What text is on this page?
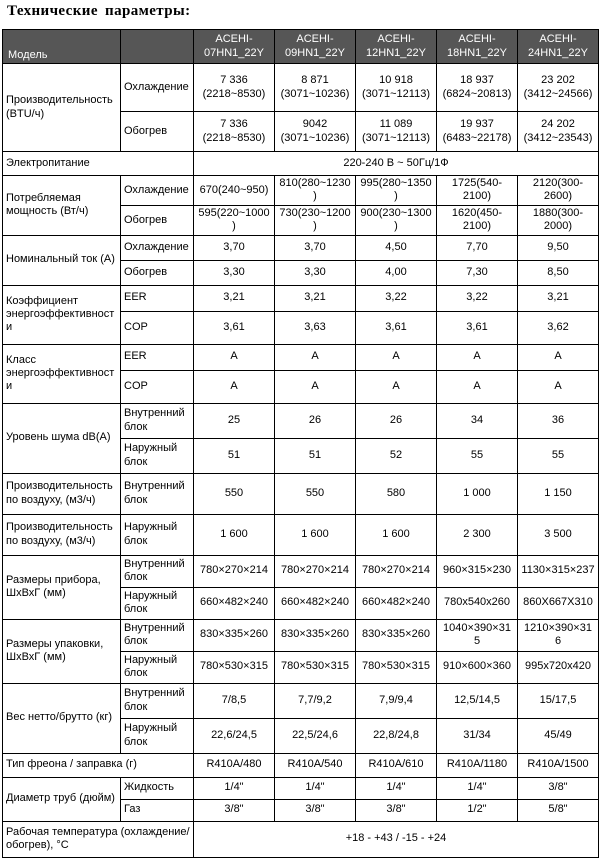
Технические параметры:
Модель		ACEHI-07HN1_22Y	ACEHI-09HN1_22Y	ACEHI-12HN1_22Y	ACEHI-18HN1_22Y	ACEHI-24HN1_22Y
Производительность (BTU/ч)	Охлаждение	7 336 (2218~8530)	8 871 (3071~10236)	10 918 (3071~12113)	18 937 (6824~20813)	23 202 (3412~24566)
	Обогрев	7 336 (2218~8530)	9042 (3071~10236)	11 089 (3071~12113)	19 937 (6483~22178)	24 202 (3412~23543)
Электропитание		220-240 В ~ 50Гц/1Ф				
Потребляемая мощность (Вт/ч)	Охлаждение	670(240~950)	810(280~1230)	995(280~1350)	1725(540-2100)	2120(300-2600)
	Обогрев	595(220~1000)	730(230~1200)	900(230~1300)	1620(450-2100)	1880(300-2000)
Номинальный ток (А)	Охлаждение	3,70	3,70	4,50	7,70	9,50
	Обогрев	3,30	3,30	4,00	7,30	8,50
Коэффициент энергоэффективности	EER	3,21	3,21	3,22	3,22	3,21
	COP	3,61	3,63	3,61	3,61	3,62
Класс энергоэффективности	EER	A	A	A	A	A
	COP	A	A	A	A	A
Уровень шума dB(A)	Внутренний блок	25	26	26	34	36
	Наружный блок	51	51	52	55	55
Производительность по воздуху, (м3/ч)	Внутренний блок	550	550	580	1 000	1 150
Производительность по воздуху, (м3/ч)	Наружный блок	1 600	1 600	1 600	2 300	3 500
Размеры прибора, ШхВхГ (мм)	Внутренний блок	780×270×214	780×270×214	780×270×214	960×315×230	1130×315×237
	Наружный блок	660×482×240	660×482×240	660×482×240	780x540x260	860X667X310
Размеры упаковки, ШхВхГ (мм)	Внутренний блок	830×335×260	830×335×260	830×335×260	1040×390×315	1210×390×316
	Наружный блок	780×530×315	780×530×315	780×530×315	910×600×360	995x720x420
Вес нетто/брутто (кг)	Внутренний блок	7/8,5	7,7/9,2	7,9/9,4	12,5/14,5	15/17,5
	Наружный блок	22,6/24,5	22,5/24,6	22,8/24,8	31/34	45/49
Тип фреона / заправка (г)		R410A/480	R410A/540	R410A/610	R410A/1180	R410A/1500
Диаметр труб (дюйм)	Жидкость	1/4"	1/4"	1/4"	1/4"	3/8"
	Газ	3/8"	3/8"	3/8"	1/2"	5/8"
Рабочая температура (охлаждение/обогрев), °С		+18 - +43 / -15 - +24				
